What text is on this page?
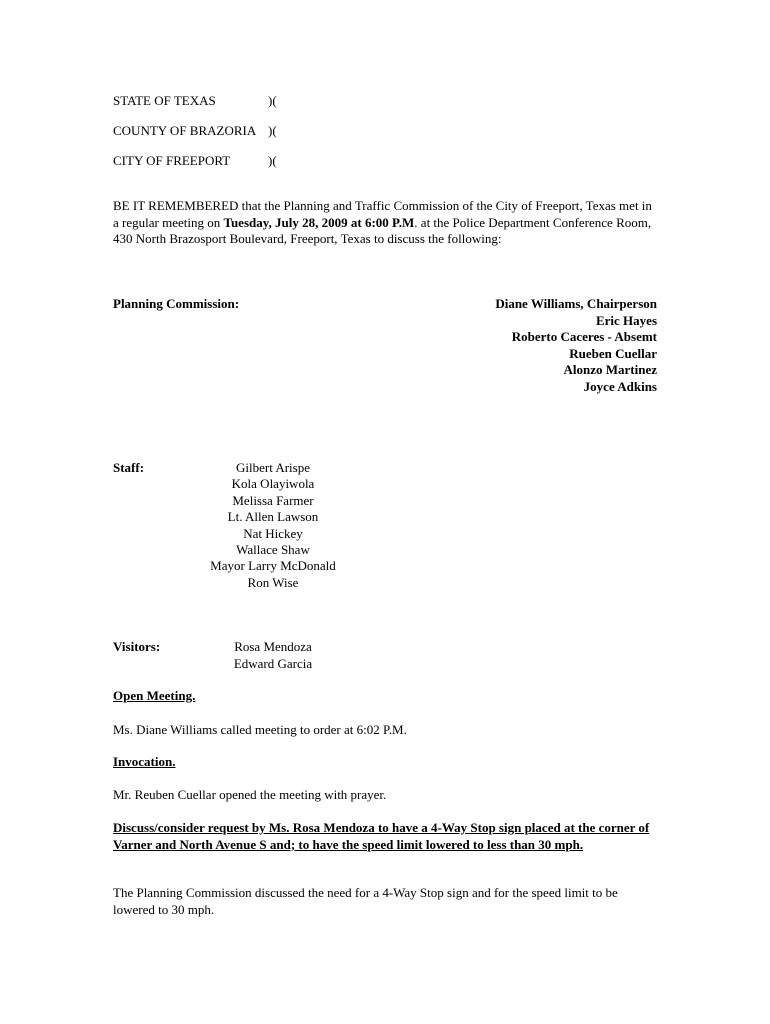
STATE OF TEXAS	)(
COUNTY OF BRAZORIA )(
CITY OF FREEPORT	)(
BE IT REMEMBERED that the Planning and Traffic Commission of the City of Freeport, Texas met in a regular meeting on Tuesday, July 28, 2009 at 6:00 P.M. at the Police Department Conference Room, 430 North Brazosport Boulevard, Freeport, Texas to discuss the following:
Planning Commission:	Diane Williams, Chairperson
Eric Hayes
Roberto Caceres - Absemt
Rueben Cuellar
Alonzo Martinez
Joyce Adkins
Staff:	Gilbert Arispe
Kola Olayiwola
Melissa Farmer
Lt. Allen Lawson
Nat Hickey
Wallace Shaw
Mayor Larry McDonald
Ron Wise
Visitors:	Rosa Mendoza
Edward Garcia
Open Meeting.
Ms. Diane Williams called meeting to order at 6:02 P.M.
Invocation.
Mr. Reuben Cuellar opened the meeting with prayer.
Discuss/consider request by Ms. Rosa Mendoza to have a 4-Way Stop sign placed at the corner of Varner and North Avenue S and; to have the speed limit lowered to less than 30 mph.
The Planning Commission discussed the need for a 4-Way Stop sign and for the speed limit to be lowered to 30 mph.
